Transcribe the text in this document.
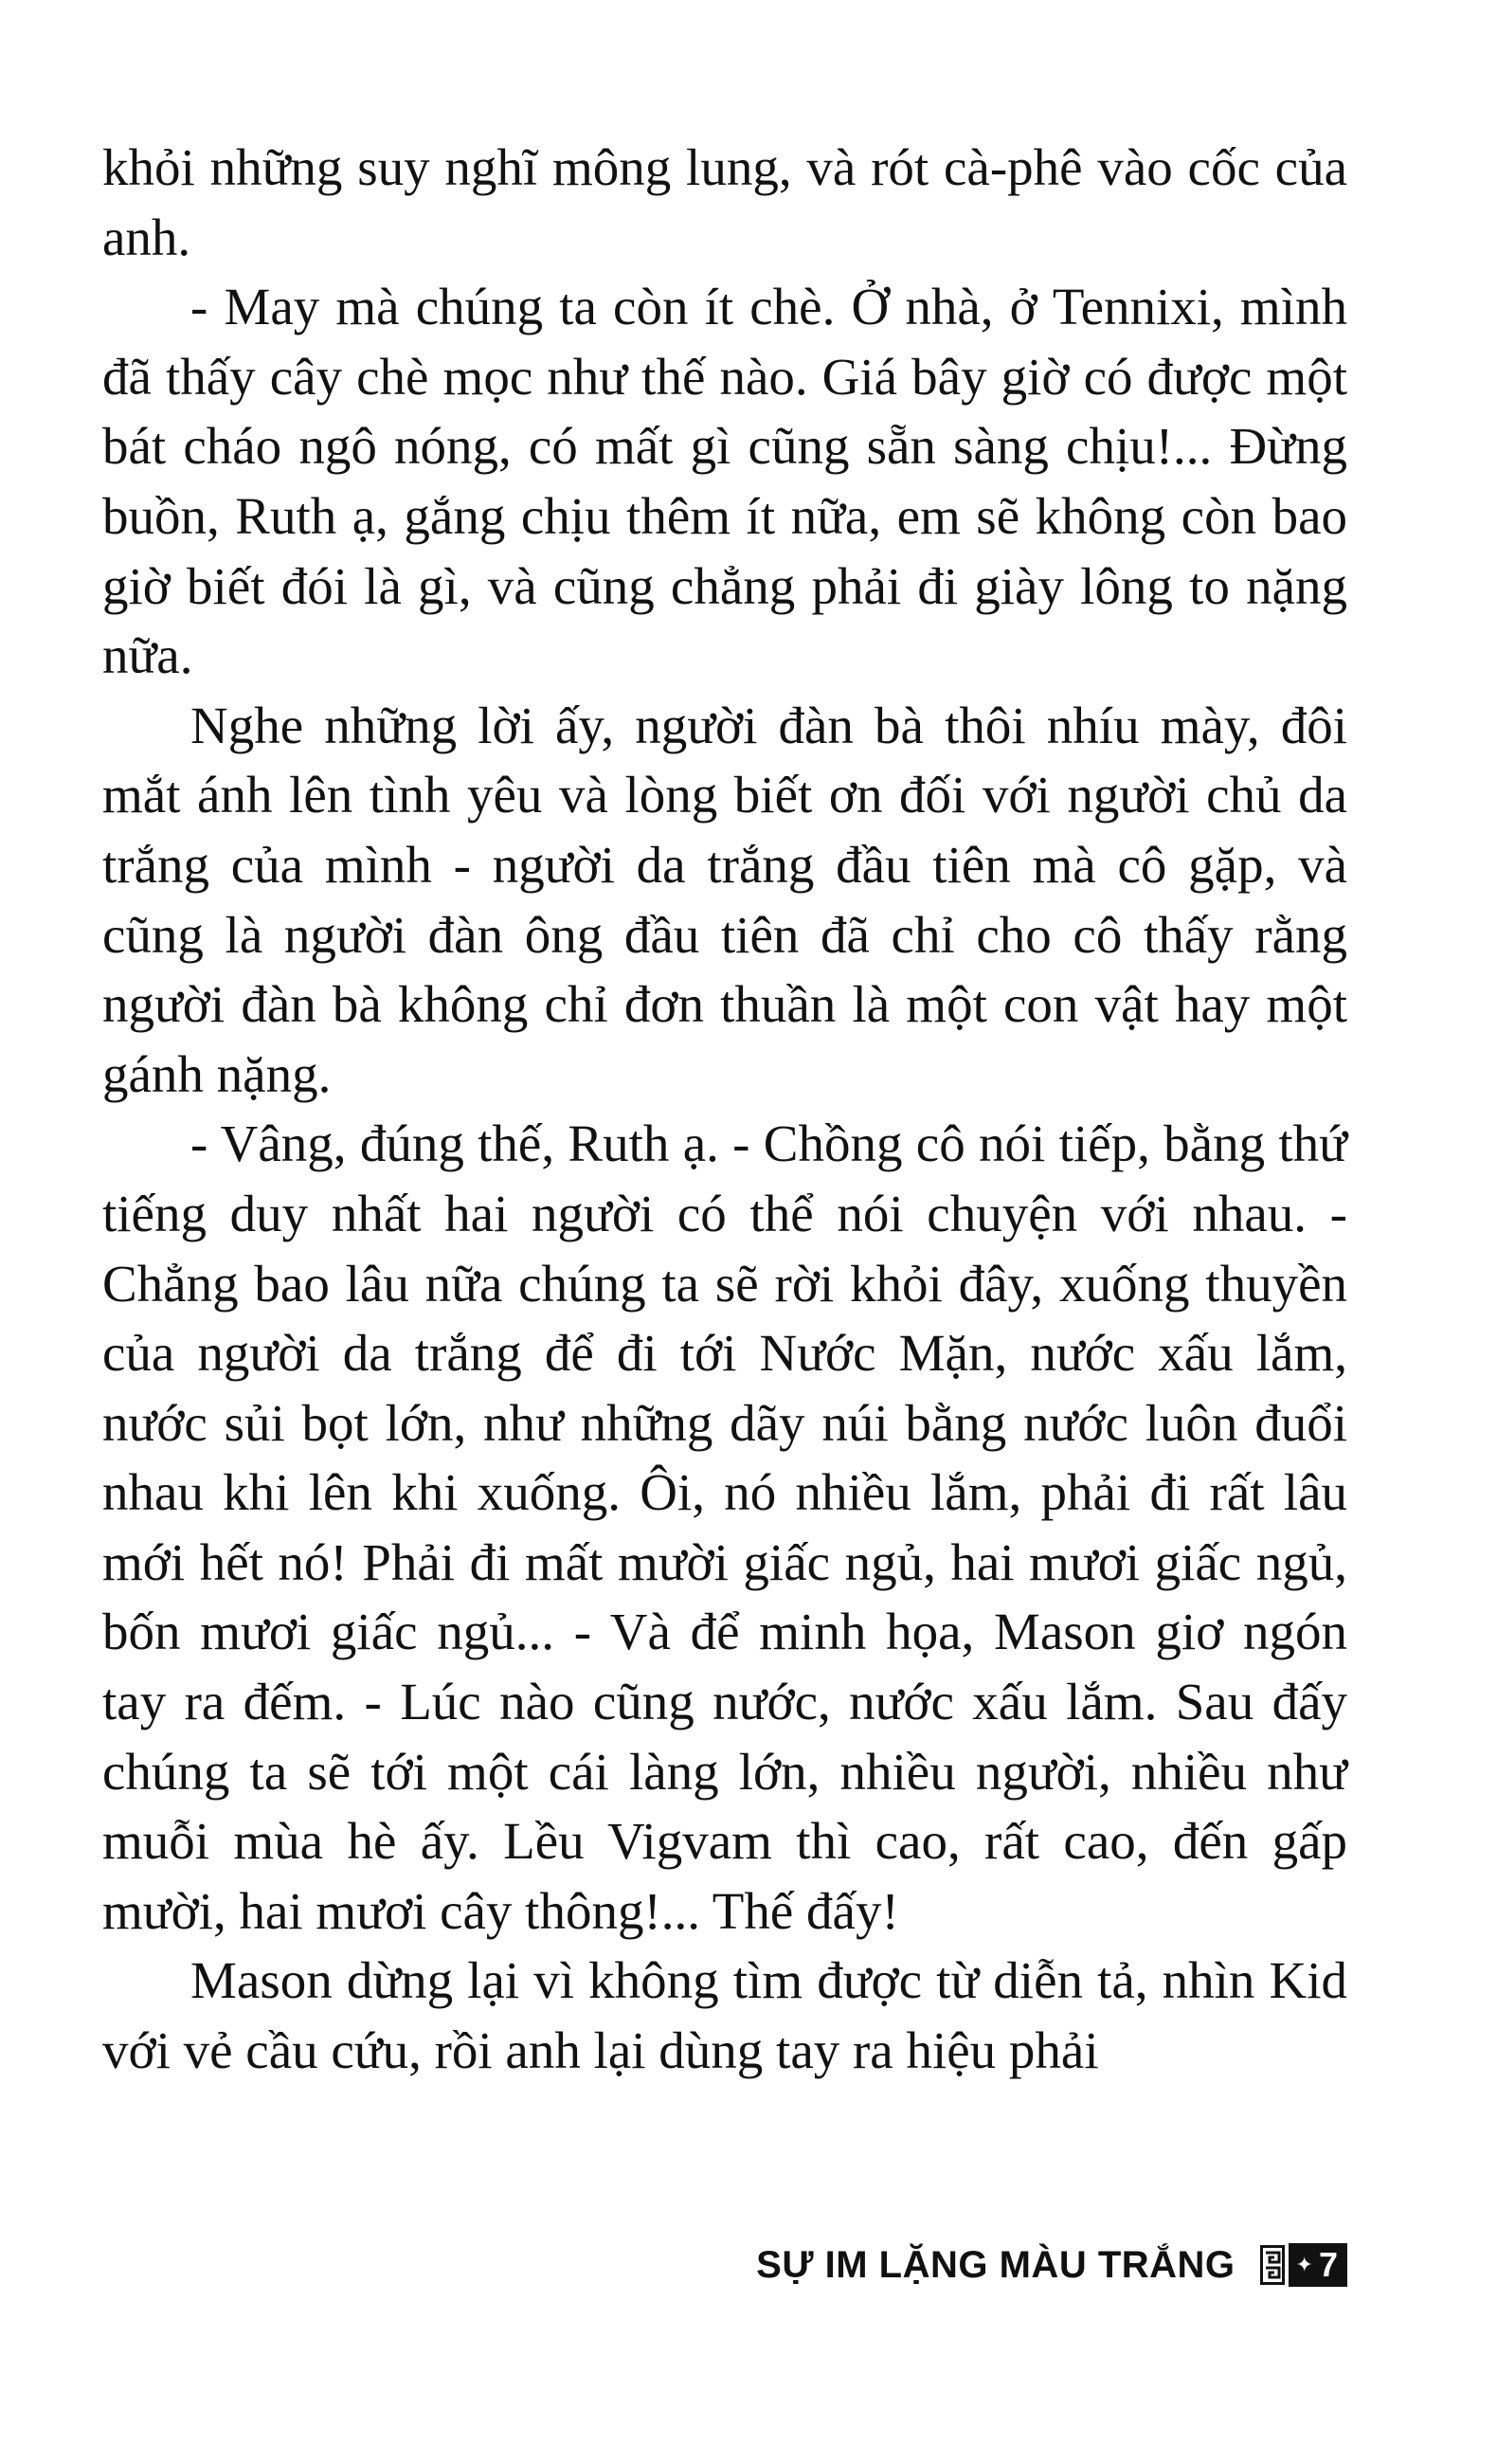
khỏi những suy nghĩ mông lung, và rót cà-phê vào cốc của anh.

- May mà chúng ta còn ít chè. Ở nhà, ở Tennixi, mình đã thấy cây chè mọc như thế nào. Giá bây giờ có được một bát cháo ngô nóng, có mất gì cũng sẵn sàng chịu!... Đừng buồn, Ruth ạ, gắng chịu thêm ít nữa, em sẽ không còn bao giờ biết đói là gì, và cũng chẳng phải đi giày lông to nặng nữa.

Nghe những lời ấy, người đàn bà thôi nhíu mày, đôi mắt ánh lên tình yêu và lòng biết ơn đối với người chủ da trắng của mình - người da trắng đầu tiên mà cô gặp, và cũng là người đàn ông đầu tiên đã chỉ cho cô thấy rằng người đàn bà không chỉ đơn thuần là một con vật hay một gánh nặng.

- Vâng, đúng thế, Ruth ạ. - Chồng cô nói tiếp, bằng thứ tiếng duy nhất hai người có thể nói chuyện với nhau. - Chẳng bao lâu nữa chúng ta sẽ rời khỏi đây, xuống thuyền của người da trắng để đi tới Nước Mặn, nước xấu lắm, nước sủi bọt lớn, như những dãy núi bằng nước luôn đuổi nhau khi lên khi xuống. Ôi, nó nhiều lắm, phải đi rất lâu mới hết nó! Phải đi mất mười giấc ngủ, hai mươi giấc ngủ, bốn mươi giấc ngủ... - Và để minh họa, Mason giơ ngón tay ra đếm. - Lúc nào cũng nước, nước xấu lắm. Sau đấy chúng ta sẽ tới một cái làng lớn, nhiều người, nhiều như muỗi mùa hè ấy. Lều Vigvam thì cao, rất cao, đến gấp mười, hai mươi cây thông!... Thế đấy!

Mason dừng lại vì không tìm được từ diễn tả, nhìn Kid với vẻ cầu cứu, rồi anh lại dùng tay ra hiệu phải

SỰ IM LẶNG MÀU TRẮNG	✦ 7
